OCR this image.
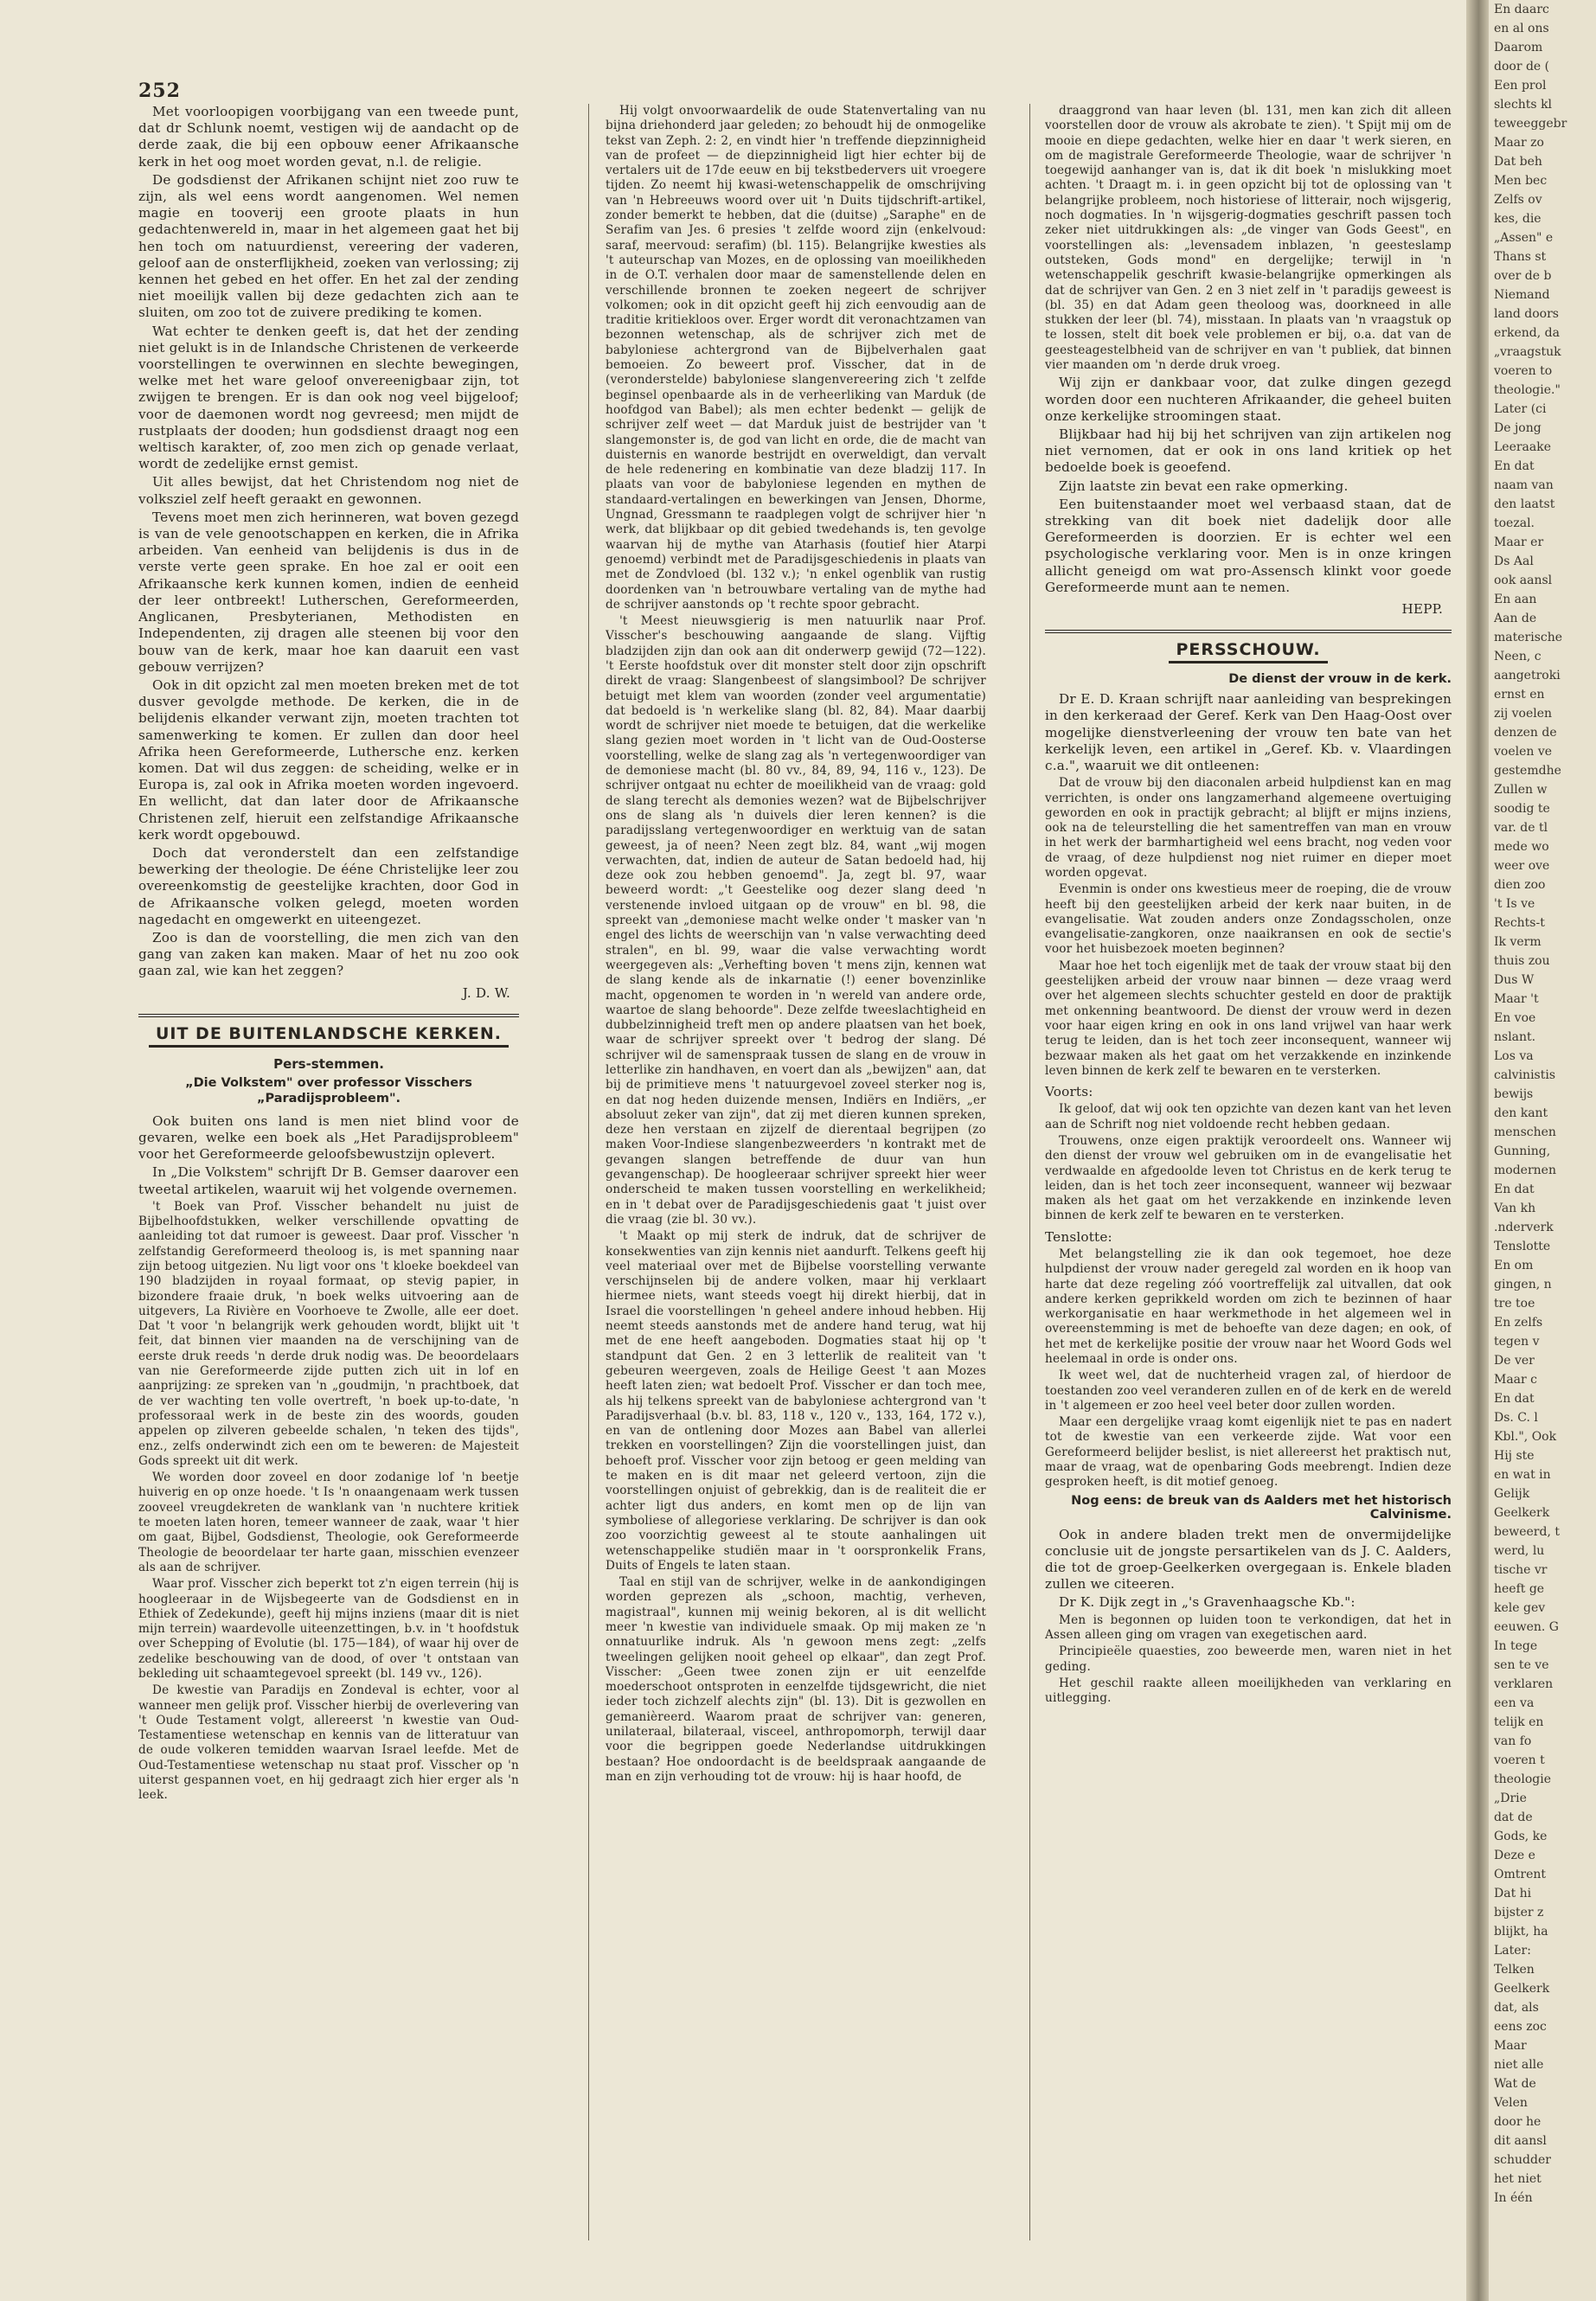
252

Met voorloopigen voorbijgang van een tweede punt, dat dr Schlunk noemt, vestigen wij de aandacht op de derde zaak, die bij een opbouw eener Afrikaansche kerk in het oog moet worden gevat, n.l. de religie.

De godsdienst der Afrikanen schijnt niet zoo ruw te zijn, als wel eens wordt aangenomen. Wel nemen magie en tooverij een groote plaats in hun gedachtenwereld in, maar in het algemeen gaat het bij hen toch om natuurdienst, vereering der vaderen, geloof aan de onsterflijkheid, zoeken van verlossing; zij kennen het gebed en het offer. En het zal der zending niet moeilijk vallen bij deze gedachten zich aan te sluiten, om zoo tot de zuivere prediking te komen.

Wat echter te denken geeft is, dat het der zending niet gelukt is in de Inlandsche Christenen de verkeerde voorstellingen te overwinnen en slechte bewegingen, welke met het ware geloof onvereenigbaar zijn, tot zwijgen te brengen. Er is dan ook nog veel bijgeloof; voor de daemonen wordt nog gevreesd; men mijdt de rustplaats der dooden; hun godsdienst draagt nog een weltisch karakter, of, zoo men zich op genade verlaat, wordt de zedelijke ernst gemist.

Uit alles bewijst, dat het Christendom nog niet de volksziel zelf heeft geraakt en gewonnen.

Tevens moet men zich herinneren, wat boven gezegd is van de vele genootschappen en kerken, die in Afrika arbeiden. Van eenheid van belijdenis is dus in de verste verte geen sprake. En hoe zal er ooit een Afrikaansche kerk kunnen komen, indien de eenheid der leer ontbreekt! Lutherschen, Gereformeerden, Anglicanen, Presbyterianen, Methodisten en Independenten, zij dragen alle steenen bij voor den bouw van de kerk, maar hoe kan daaruit een vast gebouw verrijzen?

Ook in dit opzicht zal men moeten breken met de tot dusver gevolgde methode. De kerken, die in de belijdenis elkander verwant zijn, moeten trachten tot samenwerking te komen. Er zullen dan door heel Afrika heen Gereformeerde, Luthersche enz. kerken komen. Dat wil dus zeggen: de scheiding, welke er in Europa is, zal ook in Afrika moeten worden ingevoerd. En wellicht, dat dan later door de Afrikaansche Christenen zelf, hieruit een zelfstandige Afrikaansche kerk wordt opgebouwd.

Doch dat veronderstelt dan een zelfstandige bewerking der theologie. De ééne Christelijke leer zou overeenkomstig de geestelijke krachten, door God in de Afrikaansche volken gelegd, moeten worden nagedacht en omgewerkt en uiteengezet.

Zoo is dan de voorstelling, die men zich van den gang van zaken kan maken. Maar of het nu zoo ook gaan zal, wie kan het zeggen?

J. D. W.

UIT DE BUITENLANDSCHE KERKEN.
Pers-stemmen.
„Die Volkstem" over professor Visschers „Paradijsprobleem".

Ook buiten ons land is men niet blind voor de gevaren, welke een boek als „Het Paradijsprobleem" voor het Gereformeerde geloofsbewustzijn oplevert.

In „Die Volkstem" schrijft Dr B. Gemser daarover een tweetal artikelen, waaruit wij het volgende overnemen.

't Boek van Prof. Visscher behandelt nu juist de Bijbelhoofdstukken, welker verschillende opvatting de aanleiding tot dat rumoer is geweest. Daar prof. Visscher 'n zelfstandig Gereformeerd theoloog is, is met spanning naar zijn betoog uitgezien. Nu ligt voor ons 't kloeke boekdeel van 190 bladzijden in royaal formaat, op stevig papier, in bizondere fraaie druk, 'n boek welks uitvoering aan de uitgevers, La Rivière en Voorhoeve te Zwolle, alle eer doet. Dat 't voor 'n belangrijk werk gehouden wordt, blijkt uit 't feit, dat binnen vier maanden na de verschijning van de eerste druk reeds 'n derde druk nodig was. De beoordelaars van nie Gereformeerde zijde putten zich uit in lof en aanprijzing: ze spreken van 'n „goudmijn, 'n prachtboek, dat de ver wachting ten volle overtreft, 'n boek up-to-date, 'n professoraal werk in de beste zin des woords, gouden appelen op zilveren gebeelde schalen, 'n teken des tijds", enz., zelfs onderwindt zich een om te beweren: de Majesteit Gods spreekt uit dit werk.

We worden door zoveel en door zodanige lof 'n beetje huiverig en op onze hoede. 't Is 'n onaangenaam werk tussen zooveel vreugdekreten de wanklank van 'n nuchtere kritiek te moeten laten horen, temeer wanneer de zaak, waar 't hier om gaat, Bijbel, Godsdienst, Theologie, ook Gereformeerde Theologie de beoordelaar ter harte gaan, misschien evenzeer als aan de schrijver.

Waar prof. Visscher zich beperkt tot z'n eigen terrein (hij is hoogleeraar in de Wijsbegeerte van de Godsdienst en in Ethiek of Zedekunde), geeft hij mijns inziens (maar dit is niet mijn terrein) waardevolle uiteenzettingen, b.v. in 't hoofdstuk over Schepping of Evolutie (bl. 175—184), of waar hij over de zedelike beschouwing van de dood, of over 't ontstaan van bekleding uit schaamtegevoel spreekt (bl. 149 vv., 126).

De kwestie van Paradijs en Zondeval is echter, voor al wanneer men gelijk prof. Visscher hierbij de overlevering van 't Oude Testament volgt, allereerst 'n kwestie van Oud-Testamentiese wetenschap en kennis van de litteratuur van de oude volkeren temidden waarvan Israel leefde. Met de Oud-Testamentiese wetenschap nu staat prof. Visscher op 'n uiterst gespannen voet, en hij gedraagt zich hier erger als 'n leek.

Hij volgt onvoorwaardelik de oude Statenvertaling van nu bijna driehonderd jaar geleden; zo behoudt hij de onmogelike tekst van Zeph. 2: 2, en vindt hier 'n treffende diepzinnigheid van de profeet — de diepzinnigheid ligt hier echter bij de vertalers uit de 17de eeuw en bij tekstbedervers uit vroegere tijden. Zo neemt hij kwasi-wetenschappelik de omschrijving van 'n Hebreeuws woord over uit 'n Duits tijdschrift-artikel, zonder bemerkt te hebben, dat die (duitse) „Saraphe" en de Serafim van Jes. 6 presies 't zelfde woord zijn (enkelvoud: saraf, meervoud: serafim) (bl. 115). Belangrijke kwesties als 't auteurschap van Mozes, en de oplossing van moeilikheden in de O.T. verhalen door maar de samenstellende delen en verschillende bronnen te zoeken negeert de schrijver volkomen; ook in dit opzicht geeft hij zich eenvoudig aan de traditie kritiekloos over. Erger wordt dit veronachtzamen van bezonnen wetenschap, als de schrijver zich met de babyloniese achtergrond van de Bijbelverhalen gaat bemoeien. Zo beweert prof. Visscher, dat in de (veronderstelde) babyloniese slangenvereering zich 't zelfde beginsel openbaarde als in de verheerliking van Marduk (de hoofdgod van Babel); als men echter bedenkt — gelijk de schrijver zelf weet — dat Marduk juist de bestrijder van 't slangemonster is, de god van licht en orde, die de macht van duisternis en wanorde bestrijdt en overweldigt, dan vervalt de hele redenering en kombinatie van deze bladzij 117. In plaats van voor de babyloniese legenden en mythen de standaard-vertalingen en bewerkingen van Jensen, Dhorme, Ungnad, Gressmann te raadplegen volgt de schrijver hier 'n werk, dat blijkbaar op dit gebied twedehands is, ten gevolge waarvan hij de mythe van Atarhasis (foutief hier Atarpi genoemd) verbindt met de Paradijsgeschiedenis in plaats van met de Zondvloed (bl. 132 v.); 'n enkel ogenblik van rustig doordenken van 'n betrouwbare vertaling van de mythe had de schrijver aanstonds op 't rechte spoor gebracht.

't Meest nieuwsgierig is men natuurlik naar Prof. Visscher's beschouwing aangaande de slang. Vijftig bladzijden zijn dan ook aan dit onderwerp gewijd (72—122). 't Eerste hoofdstuk over dit monster stelt door zijn opschrift direkt de vraag: Slangenbeest of slangsimbool? De schrijver betuigt met klem van woorden (zonder veel argumentatie) dat bedoeld is 'n werkelike slang (bl. 82, 84). Maar daarbij wordt de schrijver niet moede te betuigen, dat die werkelike slang gezien moet worden in 't licht van de Oud-Oosterse voorstelling, welke de slang zag als 'n vertegenwoordiger van de demoniese macht (bl. 80 vv., 84, 89, 94, 116 v., 123). De schrijver ontgaat nu echter de moeilikheid van de vraag: gold de slang terecht als demonies wezen? wat de Bijbelschrijver ons de slang als 'n duivels dier leren kennen? is die paradijsslang vertegenwoordiger en werktuig van de satan geweest, ja of neen? Neen zegt blz. 84, want „wij mogen verwachten, dat, indien de auteur de Satan bedoeld had, hij deze ook zou hebben genoemd". Ja, zegt bl. 97, waar beweerd wordt: „'t Geestelike oog dezer slang deed 'n verstenende invloed uitgaan op de vrouw" en bl. 98, die spreekt van „demoniese macht welke onder 't masker van 'n engel des lichts de weerschijn van 'n valse verwachting deed stralen", en bl. 99, waar die valse verwachting wordt weergegeven als: „Verhefting boven 't mens zijn, kennen wat de slang kende als de inkarnatie (!) eener bovenzinlike macht, opgenomen te worden in 'n wereld van andere orde, waartoe de slang behoorde". Deze zelfde tweeslachtigheid en dubbelzinnigheid treft men op andere plaatsen van het boek, waar de schrijver spreekt over 't bedrog der slang. Dé schrijver wil de samenspraak tussen de slang en de vrouw in letterlike zin handhaven, en voert dan als „bewijzen" aan, dat bij de primitieve mens 't natuurgevoel zoveel sterker nog is, en dat nog heden duizende mensen, Indiërs en Indiërs, „er absoluut zeker van zijn", dat zij met dieren kunnen spreken, deze hen verstaan en zijzelf de dierentaal begrijpen (zo maken Voor-Indiese slangenbezweerders 'n kontrakt met de gevangen slangen betreffende de duur van hun gevangenschap). De hoogleeraar schrijver spreekt hier weer onderscheid te maken tussen voorstelling en werkelikheid; en in 't debat over de Paradijsgeschiedenis gaat 't juist over die vraag (zie bl. 30 vv.).

't Maakt op mij sterk de indruk, dat de schrijver de konsekwenties van zijn kennis niet aandurft. Telkens geeft hij veel materiaal over met de Bijbelse voorstelling verwante verschijnselen bij de andere volken, maar hij verklaart hiermee niets, want steeds voegt hij direkt hierbij, dat in Israel die voorstellingen 'n geheel andere inhoud hebben. Hij neemt steeds aanstonds met de andere hand terug, wat hij met de ene heeft aangeboden. Dogmaties staat hij op 't standpunt dat Gen. 2 en 3 letterlik de realiteit van 't gebeuren weergeven, zoals de Heilige Geest 't aan Mozes heeft laten zien; wat bedoelt Prof. Visscher er dan toch mee, als hij telkens spreekt van de babyloniese achtergrond van 't Paradijsverhaal (b.v. bl. 83, 118 v., 120 v., 133, 164, 172 v.), en van de ontlening door Mozes aan Babel van allerlei trekken en voorstellingen? Zijn die voorstellingen juist, dan behoeft prof. Visscher voor zijn betoog er geen melding van te maken en is dit maar net geleerd vertoon, zijn die voorstellingen onjuist of gebrekkig, dan is de realiteit die er achter ligt dus anders, en komt men op de lijn van symboliese of allegoriese verklaring. De schrijver is dan ook zoo voorzichtig geweest al te stoute aanhalingen uit wetenschappelike studiën maar in 't oorspronkelik Frans, Duits of Engels te laten staan.

Taal en stijl van de schrijver, welke in de aankondigingen worden geprezen als „schoon, machtig, verheven, magistraal", kunnen mij weinig bekoren, al is dit wellicht meer 'n kwestie van individuele smaak. Op mij maken ze 'n onnatuurlike indruk. Als 'n gewoon mens zegt: „zelfs tweelingen gelijken nooit geheel op elkaar", dan zegt Prof. Visscher: „Geen twee zonen zijn er uit eenzelfde moederschoot ontsproten in eenzelfde tijdsgewricht, die niet ieder toch zichzelf alechts zijn" (bl. 13). Dit is gezwollen en gemanièreerd. Waarom praat de schrijver van: generen, unilateraal, bilateraal, visceel, anthropomorph, terwijl daar voor die begrippen goede Nederlandse uitdrukkingen bestaan? Hoe ondoordacht is de beeldspraak aangaande de man en zijn verhouding tot de vrouw: hij is haar hoofd, de

draaggrond van haar leven (bl. 131, men kan zich dit alleen voorstellen door de vrouw als akrobate te zien). 't Spijt mij om de mooie en diepe gedachten, welke hier en daar 't werk sieren, en om de magistrale Gereformeerde Theologie, waar de schrijver 'n toegewijd aanhanger van is, dat ik dit boek 'n mislukking moet achten. 't Draagt m. i. in geen opzicht bij tot de oplossing van 't belangrijke probleem, noch historiese of litterair, noch wijsgerig, noch dogmaties. In 'n wijsgerig-dogmaties geschrift passen toch zeker niet uitdrukkingen als: „de vinger van Gods Geest", en voorstellingen als: „levensadem inblazen, 'n geesteslamp outsteken, Gods mond" en dergelijke; terwijl in 'n wetenschappelik geschrift kwasie-belangrijke opmerkingen als dat de schrijver van Gen. 2 en 3 niet zelf in 't paradijs geweest is (bl. 35) en dat Adam geen theoloog was, doorkneed in alle stukken der leer (bl. 74), misstaan. In plaats van 'n vraagstuk op te lossen, stelt dit boek vele problemen er bij, o.a. dat van de geesteagestelbheid van de schrijver en van 't publiek, dat binnen vier maanden om 'n derde druk vroeg.

Wij zijn er dankbaar voor, dat zulke dingen gezegd worden door een nuchteren Afrikaander, die geheel buiten onze kerkelijke stroomingen staat.

Blijkbaar had hij bij het schrijven van zijn artikelen nog niet vernomen, dat er ook in ons land kritiek op het bedoelde boek is geoefend.

Zijn laatste zin bevat een rake opmerking.

Een buitenstaander moet wel verbaasd staan, dat de strekking van dit boek niet dadelijk door alle Gereformeerden is doorzien. Er is echter wel een psychologische verklaring voor. Men is in onze kringen allicht geneigd om wat pro-Assensch klinkt voor goede Gereformeerde munt aan te nemen.

HEPP.

PERSSCHOUW.
De dienst der vrouw in de kerk.

Dr E. D. Kraan schrijft naar aanleiding van besprekingen in den kerkeraad der Geref. Kerk van Den Haag-Oost over mogelijke dienstverleening der vrouw ten bate van het kerkelijk leven, een artikel in „Geref. Kb. v. Vlaardingen c.a.", waaruit we dit ontleenen:

Dat de vrouw bij den diaconalen arbeid hulpdienst kan en mag verrichten, is onder ons langzamerhand algemeene overtuiging geworden en ook in practijk gebracht; al blijft er mijns inziens, ook na de teleurstelling die het samentreffen van man en vrouw in het werk der barmhartigheid wel eens bracht, nog veden voor de vraag, of deze hulpdienst nog niet ruimer en dieper moet worden opgevat.

Evenmin is onder ons kwestieus meer de roeping, die de vrouw heeft bij den geestelijken arbeid der kerk naar buiten, in de evangelisatie. Wat zouden anders onze Zondagsscholen, onze evangelisatie-zangkoren, onze naaikransen en ook de sectie's voor het huisbezoek moeten beginnen?

Maar hoe het toch eigenlijk met de taak der vrouw staat bij den geestelijken arbeid der vrouw naar binnen — deze vraag werd over het algemeen slechts schuchter gesteld en door de praktijk met onkenning beantwoord. De dienst der vrouw werd in dezen voor haar eigen kring en ook in ons land vrijwel van haar werk terug te leiden, dan is het toch zeer inconsequent, wanneer wij bezwaar maken als het gaat om het verzakkende en inzinkende leven binnen de kerk zelf te bewaren en te versterken.

Voorts:

Ik geloof, dat wij ook ten opzichte van dezen kant van het leven aan de Schrift nog niet voldoende recht hebben gedaan.

Trouwens, onze eigen praktijk veroordeelt ons. Wanneer wij den dienst der vrouw wel gebruiken om in de evangelisatie het verdwaalde en afgedoolde leven tot Christus en de kerk terug te leiden, dan is het toch zeer inconsequent, wanneer wij bezwaar maken als het gaat om het verzakkende en inzinkende leven binnen de kerk zelf te bewaren en te versterken.

Tenslotte:

Met belangstelling zie ik dan ook tegemoet, hoe deze hulpdienst der vrouw nader geregeld zal worden en ik hoop van harte dat deze regeling zóó voortreffelijk zal uitvallen, dat ook andere kerken geprikkeld worden om zich te bezinnen of haar werkorganisatie en haar werkmethode in het algemeen wel in overeenstemming is met de behoefte van deze dagen; en ook, of het met de kerkelijke positie der vrouw naar het Woord Gods wel heelemaal in orde is onder ons.

Ik weet wel, dat de nuchterheid vragen zal, of hierdoor de toestanden zoo veel veranderen zullen en of de kerk en de wereld in 't algemeen er zoo heel veel beter door zullen worden.

Maar een dergelijke vraag komt eigenlijk niet te pas en nadert tot de kwestie van een verkeerde zijde. Wat voor een Gereformeerd belijder beslist, is niet allereerst het praktisch nut, maar de vraag, wat de openbaring Gods meebrengt. Indien deze gesproken heeft, is dit motief genoeg.

Nog eens: de breuk van ds Aalders met het historisch Calvinisme.

Ook in andere bladen trekt men de onvermijdelijke conclusie uit de jongste persartikelen van ds J. C. Aalders, die tot de groep-Geelkerken overgegaan is. Enkele bladen zullen we citeeren.

Dr K. Dijk zegt in „'s Gravenhaagsche Kb.":

Men is begonnen op luiden toon te verkondigen, dat het in Assen alleen ging om vragen van exegetischen aard.

Principieële quaesties, zoo beweerde men, waren niet in het geding.

Het geschil raakte alleen moeilijkheden van verklaring en uitlegging.

En daarc

en al ons

Daarom

door de (

Een prol

slechts kl

teweeggebr

Maar zo

Dat beh

Men bec

Zelfs ov

kes, die

„Assen" e

Thans st

over de b

Niemand

land doors

erkend, da

„vraagstuk

voeren to

theologie."

Later (ci

De jong

Leeraake

En dat

naam van

den laatst

toezal.

Maar er

Ds Aal

ook aansl

En aan

Aan de

materische

Neen, c

aangetroki

ernst en

zij voelen

denzen de

voelen ve

gestemdhe

Zullen w

soodig te

var. de tl

mede wo

weer ove

dien zoo

't Is ve

Rechts-t

Ik verm

thuis zou

Dus W

Maar 't

En voe

nslant.

Los va

calvinistis

bewijs

den kant

menschen

Gunning,

modernen

En dat

Van kh

.nderverk

Tenslotte

En om

gingen, n

tre toe

En zelfs

tegen v

De ver

Maar c

En dat

Ds. C. l

Kbl.", Ook

Hij ste

en wat in

Gelijk

Geelkerk

beweerd, t

werd, lu

tische vr

heeft ge

kele gev

eeuwen. G

In tege

sen te ve

verklaren

een va

telijk en

van fo

voeren t

theologie

„Drie

dat de

Gods, ke

Deze e

Omtrent

Dat hi

bijster z

blijkt, ha

Later:

Telken

Geelkerk

dat, als

eens zoc

Maar

niet alle

Wat de

Velen

door he

dit aansl

schudder

het niet

In één
